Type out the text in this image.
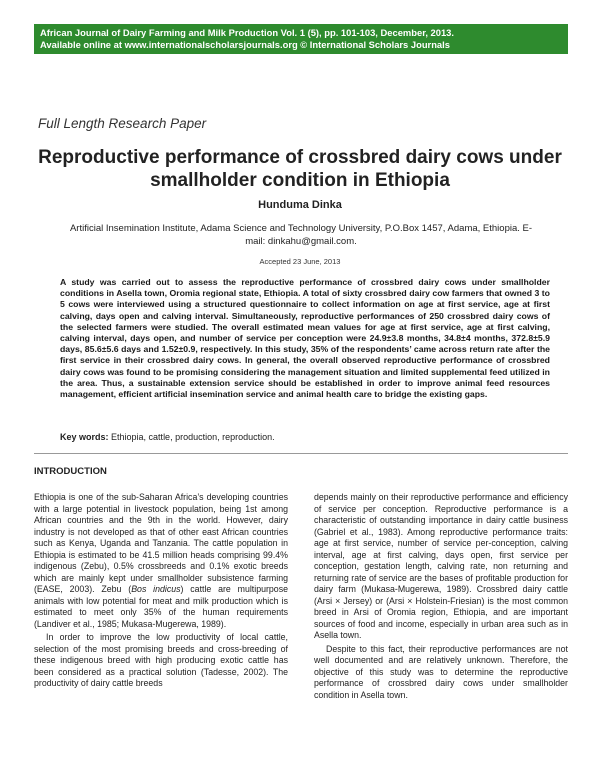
African Journal of Dairy Farming and Milk Production Vol. 1 (5), pp. 101-103, December, 2013.
Available online at www.internationalscholarsjournals.org © International Scholars Journals
Full Length Research Paper
Reproductive performance of crossbred dairy cows under smallholder condition in Ethiopia
Hunduma Dinka
Artificial Insemination Institute, Adama Science and Technology University, P.O.Box 1457, Adama, Ethiopia. E-mail: dinkahu@gmail.com.
Accepted 23 June, 2013
A study was carried out to assess the reproductive performance of crossbred dairy cows under smallholder conditions in Asella town, Oromia regional state, Ethiopia. A total of sixty crossbred dairy cow farmers that owned 3 to 5 cows were interviewed using a structured questionnaire to collect information on age at first service, age at first calving, days open and calving interval. Simultaneously, reproductive performances of 250 crossbred dairy cows of the selected farmers were studied. The overall estimated mean values for age at first service, age at first calving, calving interval, days open, and number of service per conception were 24.9±3.8 months, 34.8±4 months, 372.8±5.9 days, 85.6±5.6 days and 1.52±0.9, respectively. In this study, 35% of the respondents’ came across return rate after the first service in their crossbred dairy cows. In general, the overall observed reproductive performance of crossbred dairy cows was found to be promising considering the management situation and limited supplemental feed utilized in the area. Thus, a sustainable extension service should be established in order to improve animal feed resources management, efficient artificial insemination service and animal health care to bridge the existing gaps.
Key words: Ethiopia, cattle, production, reproduction.
INTRODUCTION

Ethiopia is one of the sub-Saharan Africa’s developing countries with a large potential in livestock population, being 1st among African countries and the 9th in the world. However, dairy industry is not developed as that of other east African countries such as Kenya, Uganda and Tanzania. The cattle population in Ethiopia is estimated to be 41.5 million heads comprising 99.4% indigenous (Zebu), 0.5% crossbreeds and 0.1% exotic breeds which are mainly kept under smallholder subsistence farming (EASE, 2003). Zebu (Bos indicus) cattle are multipurpose animals with low potential for meat and milk production which is estimated to meet only 35% of the human requirements (Landiver et al., 1985; Mukasa-Mugerewa, 1989).

In order to improve the low productivity of local cattle, selection of the most promising breeds and cross-breeding of these indigenous breed with high producing exotic cattle has been considered as a practical solution (Tadesse, 2002). The productivity of dairy cattle breeds

depends mainly on their reproductive performance and efficiency of service per conception. Reproductive performance is a characteristic of outstanding importance in dairy cattle business (Gabriel et al., 1983). Among reproductive performance traits: age at first service, number of service per-conception, calving interval, age at first calving, days open, first service per conception, gestation length, calving rate, non returning and returning rate of service are the bases of profitable production for dairy farm (Mukasa-Mugerewa, 1989). Crossbred dairy cattle (Arsi × Jersey) or (Arsi × Holstein-Friesian) is the most common breed in Arsi of Oromia region, Ethiopia, and are important sources of food and income, especially in urban area such as in Asella town.

Despite to this fact, their reproductive performances are not well documented and are relatively unknown. Therefore, the objective of this study was to determine the reproductive performance of crossbred dairy cows under smallholder condition in Asella town.
